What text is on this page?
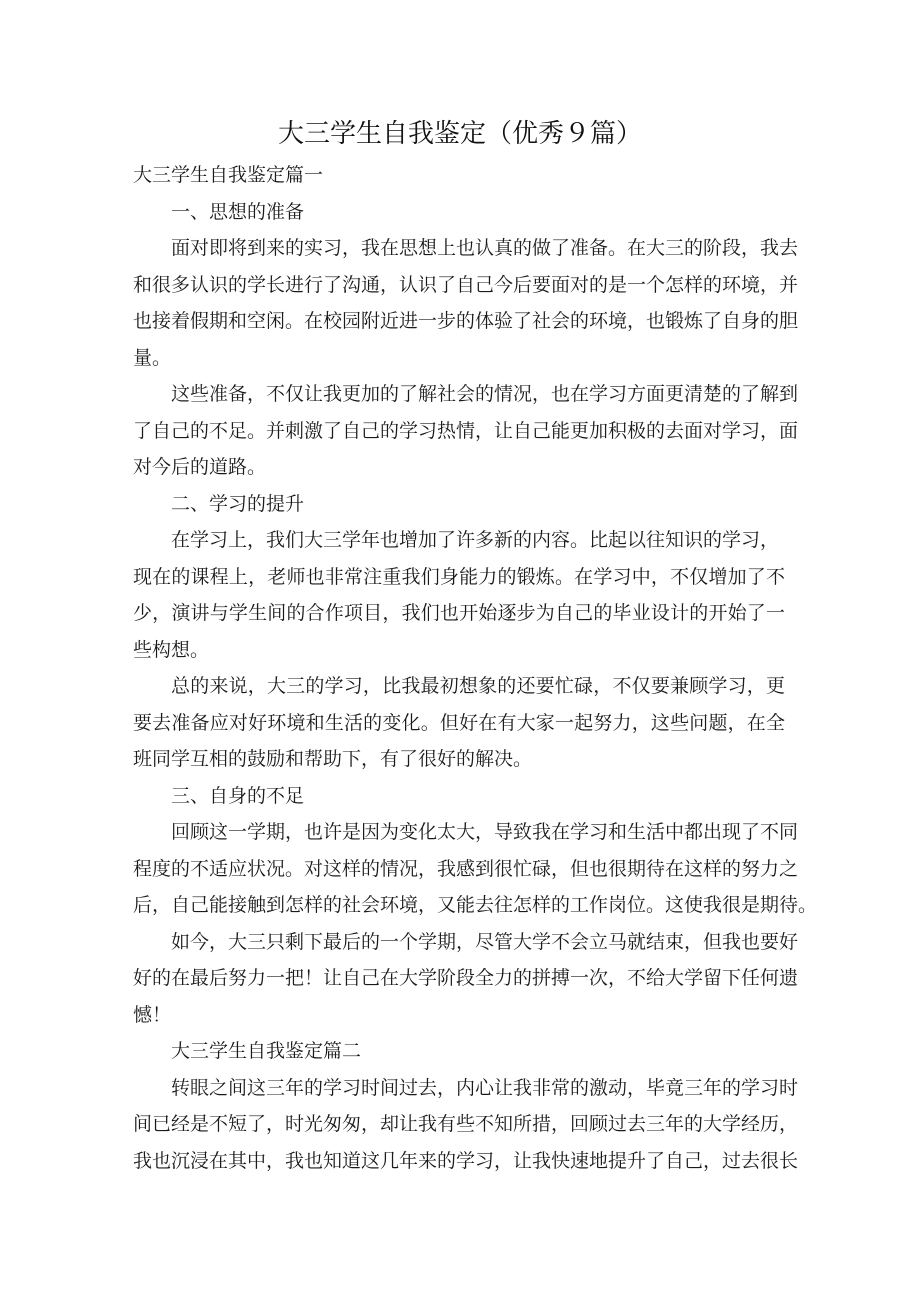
大三学生自我鉴定（优秀９篇）
大三学生自我鉴定篇一
一、思想的准备
面对即将到来的实习，我在思想上也认真的做了准备。在大三的阶段，我去
和很多认识的学长进行了沟通，认识了自己今后要面对的是一个怎样的环境，并
也接着假期和空闲。在校园附近进一步的体验了社会的环境，也锻炼了自身的胆
量。
这些准备，不仅让我更加的了解社会的情况，也在学习方面更清楚的了解到
了自己的不足。并刺激了自己的学习热情，让自己能更加积极的去面对学习，面
对今后的道路。
二、学习的提升
在学习上，我们大三学年也增加了许多新的内容。比起以往知识的学习，
现在的课程上，老师也非常注重我们身能力的锻炼。在学习中，不仅增加了不
少，演讲与学生间的合作项目，我们也开始逐步为自己的毕业设计的开始了一
些构想。
总的来说，大三的学习，比我最初想象的还要忙碌，不仅要兼顾学习，更
要去准备应对好环境和生活的变化。但好在有大家一起努力，这些问题，在全
班同学互相的鼓励和帮助下，有了很好的解决。
三、自身的不足
回顾这一学期，也许是因为变化太大，导致我在学习和生活中都出现了不同
程度的不适应状况。对这样的情况，我感到很忙碌，但也很期待在这样的努力之
后，自己能接触到怎样的社会环境，又能去往怎样的工作岗位。这使我很是期待。
如今，大三只剩下最后的一个学期，尽管大学不会立马就结束，但我也要好
好的在最后努力一把！让自己在大学阶段全力的拼搏一次，不给大学留下任何遗
憾！
大三学生自我鉴定篇二
转眼之间这三年的学习时间过去，内心让我非常的激动，毕竟三年的学习时
间已经是不短了，时光匆匆，却让我有些不知所措，回顾过去三年的大学经历，
我也沉浸在其中，我也知道这几年来的学习，让我快速地提升了自己，过去很长
